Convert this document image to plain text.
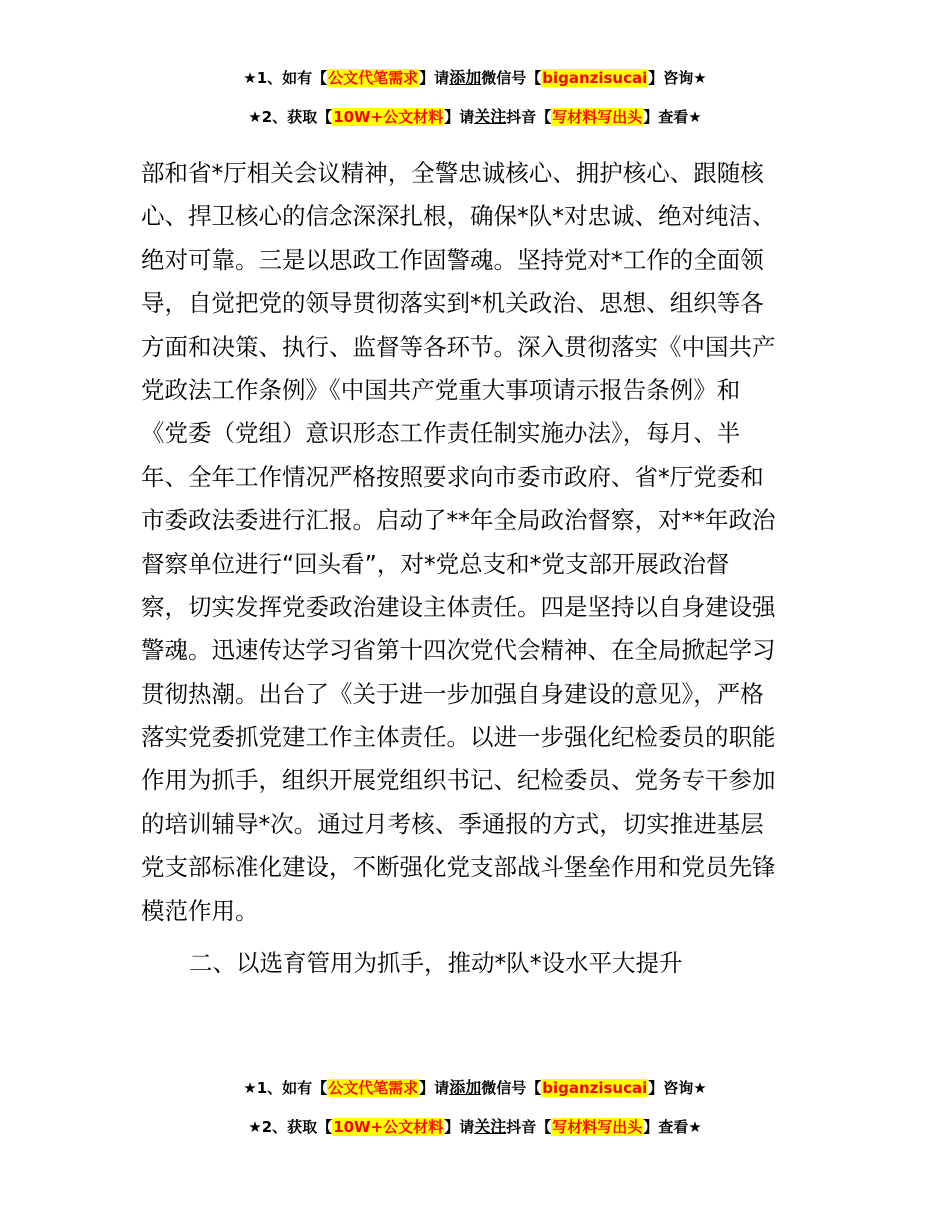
★1、如有【公文代笔需求】请添加微信号【biganzisucai】咨询★
★2、获取【10W+公文材料】请关注抖音【写材料写出头】查看★
部和省*厅相关会议精神，全警忠诚核心、拥护核心、跟随核
心、捍卫核心的信念深深扎根，确保*队*对忠诚、绝对纯洁、
绝对可靠。三是以思政工作固警魂。坚持党对*工作的全面领
导，自觉把党的领导贯彻落实到*机关政治、思想、组织等各
方面和决策、执行、监督等各环节。深入贯彻落实《中国共产
党政法工作条例》《中国共产党重大事项请示报告条例》和
《党委（党组）意识形态工作责任制实施办法》，每月、半
年、全年工作情况严格按照要求向市委市政府、省*厅党委和
市委政法委进行汇报。启动了**年全局政治督察，对**年政治
督察单位进行“回头看”，对*党总支和*党支部开展政治督
察，切实发挥党委政治建设主体责任。四是坚持以自身建设强
警魂。迅速传达学习省第十四次党代会精神、在全局掀起学习
贯彻热潮。出台了《关于进一步加强自身建设的意见》，严格
落实党委抓党建工作主体责任。以进一步强化纪检委员的职能
作用为抓手，组织开展党组织书记、纪检委员、党务专干参加
的培训辅导*次。通过月考核、季通报的方式，切实推进基层
党支部标准化建设，不断强化党支部战斗堡垒作用和党员先锋
模范作用。
二、以选育管用为抓手，推动*队*设水平大提升
★1、如有【公文代笔需求】请添加微信号【biganzisucai】咨询★
★2、获取【10W+公文材料】请关注抖音【写材料写出头】查看★
